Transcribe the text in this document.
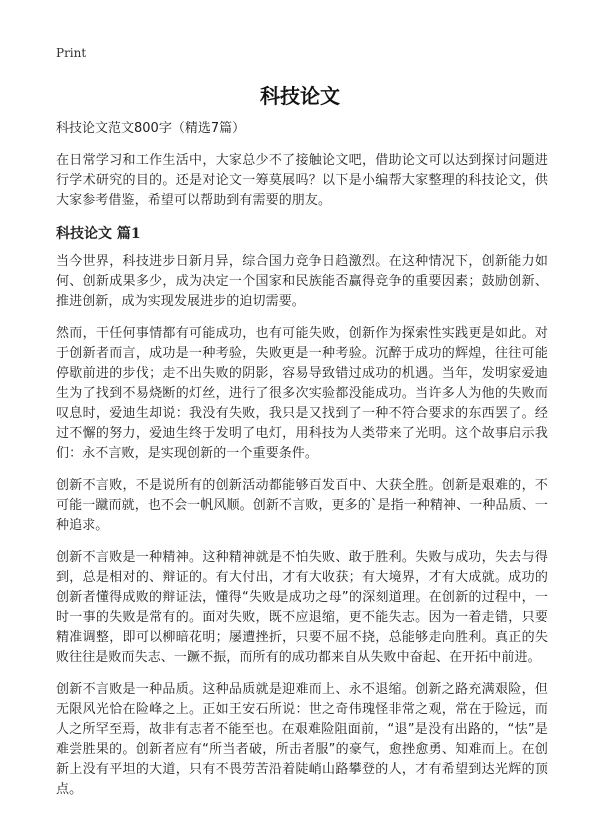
Print
科技论文

科技论文范文800字（精选7篇）

在日常学习和工作生活中，大家总少不了接触论文吧，借助论文可以达到探讨问题进行学术研究的目的。还是对论文一筹莫展吗？以下是小编帮大家整理的科技论文，供大家参考借鉴，希望可以帮助到有需要的朋友。

科技论文 篇1

当今世界，科技进步日新月异，综合国力竞争日趋激烈。在这种情况下，创新能力如何、创新成果多少，成为决定一个国家和民族能否赢得竞争的重要因素；鼓励创新、推进创新，成为实现发展进步的迫切需要。

然而，干任何事情都有可能成功，也有可能失败，创新作为探索性实践更是如此。对于创新者而言，成功是一种考验，失败更是一种考验。沉醉于成功的辉煌，往往可能停歇前进的步伐；走不出失败的阴影，容易导致错过成功的机遇。当年，发明家爱迪生为了找到不易烧断的灯丝，进行了很多次实验都没能成功。当许多人为他的失败而叹息时，爱迪生却说：我没有失败，我只是又找到了一种不符合要求的东西罢了。经过不懈的努力，爱迪生终于发明了电灯，用科技为人类带来了光明。这个故事启示我们：永不言败，是实现创新的一个重要条件。

创新不言败，不是说所有的创新活动都能够百发百中、大获全胜。创新是艰难的，不可能一蹴而就，也不会一帆风顺。创新不言败，更多的`是指一种精神、一种品质、一种追求。

创新不言败是一种精神。这种精神就是不怕失败、敢于胜利。失败与成功，失去与得到，总是相对的、辩证的。有大付出，才有大收获；有大境界，才有大成就。成功的创新者懂得成败的辩证法，懂得“失败是成功之母”的深刻道理。在创新的过程中，一时一事的失败是常有的。面对失败，既不应退缩，更不能失志。因为一着走错，只要精准调整，即可以柳暗花明；屡遭挫折，只要不屈不挠，总能够走向胜利。真正的失败往往是败而失志、一蹶不振，而所有的成功都来自从失败中奋起、在开拓中前进。

创新不言败是一种品质。这种品质就是迎难而上、永不退缩。创新之路充满艰险，但无限风光恰在险峰之上。正如王安石所说：世之奇伟瑰怪非常之观，常在于险远，而人之所罕至焉，故非有志者不能至也。在艰难险阻面前，“退”是没有出路的，“怯”是难尝胜果的。创新者应有“所当者破，所击者服”的豪气，愈挫愈勇、知难而上。在创新上没有平坦的大道，只有不畏劳苦沿着陡峭山路攀登的人，才有希望到达光辉的顶点。
